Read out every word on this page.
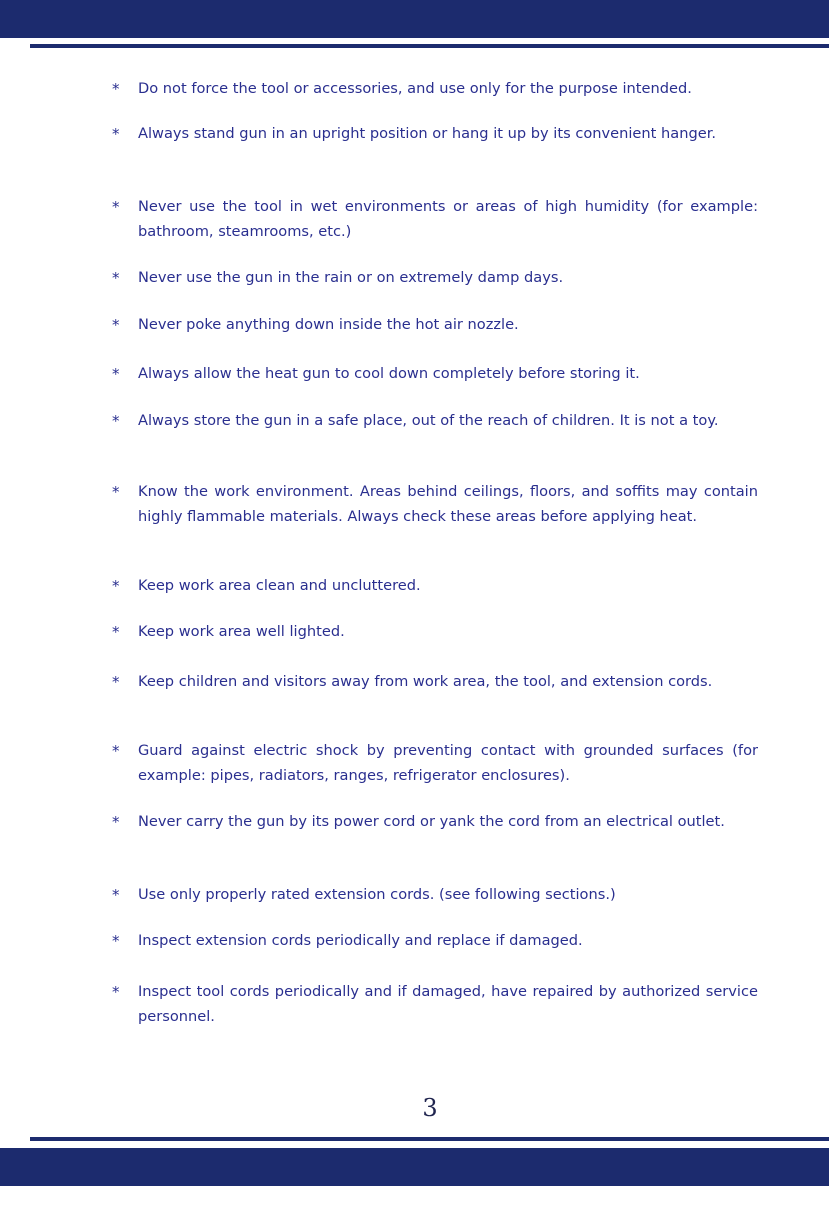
* Do not force the tool or accessories, and use only for the purpose intended.

* Always stand gun in an upright position or hang it up by its convenient hanger.

* Never use the tool in wet environments or areas of high humidity (for example: bathroom, steamrooms, etc.)

* Never use the gun in the rain or on extremely damp days.

* Never poke anything down inside the hot air nozzle.

* Always allow the heat gun to cool down completely before storing it.

* Always store the gun in a safe place, out of the reach of children. It is not a toy.

* Know the work environment. Areas behind ceilings, floors, and soffits may contain highly flammable materials. Always check these areas before applying heat.

* Keep work area clean and uncluttered.

* Keep work area well lighted.

* Keep children and visitors away from work area, the tool, and extension cords.

* Guard against electric shock by preventing contact with grounded surfaces (for example: pipes, radiators, ranges, refrigerator enclosures).

* Never carry the gun by its power cord or yank the cord from an electrical outlet.

* Use only properly rated extension cords. (see following sections.)

* Inspect extension cords periodically and replace if damaged.

* Inspect tool cords periodically and if damaged, have repaired by authorized service personnel.

3
